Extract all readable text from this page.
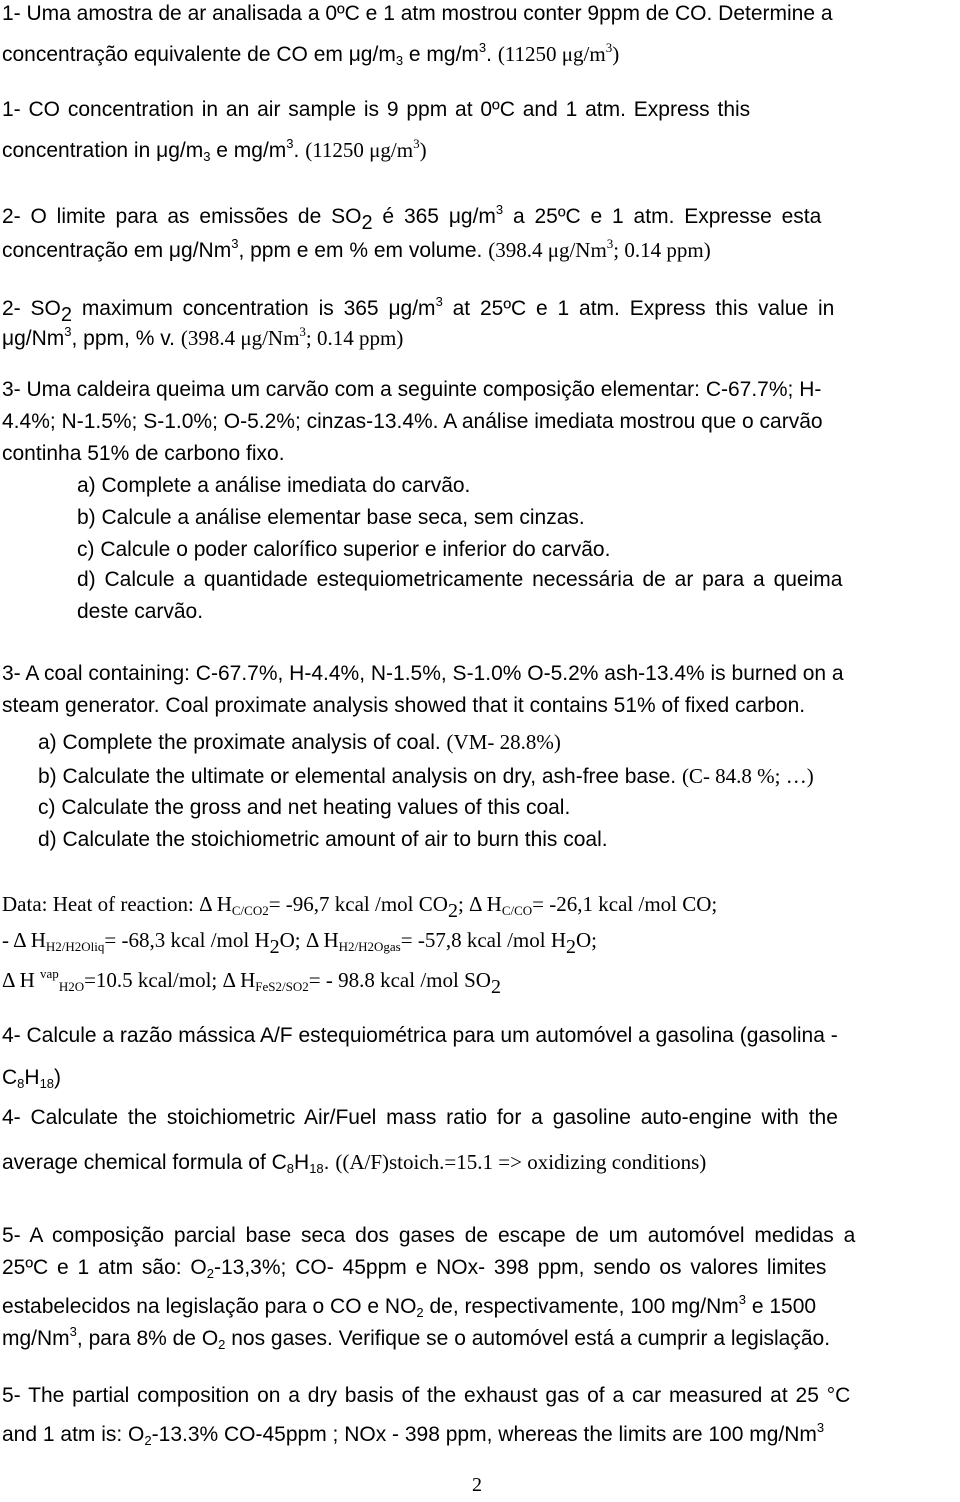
1- Uma amostra de ar analisada a 0ºC e 1 atm mostrou conter 9ppm de CO. Determine a
concentração equivalente de CO em $\mu g/m_3$ e $mg/m^3$. (11250 $\mu g/m^3$)
1- CO concentration in an air sample is 9 ppm at 0ºC and 1 atm. Express this
concentration in $\mu g/m_3$ e $mg/m^3$. (11250 $\mu g/m^3$)
2- O limite para as emissões de $SO_2$ é 365 $\mu g/m^3$ a 25ºC e 1 atm. Expresse esta
concentração em μg/Nm$^3$, ppm e em % em volume. (398.4 μg/Nm$^3$; 0.14 ppm)
2- $SO_2$ maximum concentration is 365 $\mu g/m^3$ at 25ºC e 1 atm. Express this value in
μg/Nm$^3$, ppm, % v. (398.4 μg/Nm$^3$; 0.14 ppm)
3- Uma caldeira queima um carvão com a seguinte composição elementar: C-67.7%; H-
4.4%; N-1.5%; S-1.0%; O-5.2%; cinzas-13.4%. A análise imediata mostrou que o carvão
continha 51% de carbono fixo.
a) Complete a análise imediata do carvão.
b) Calcule a análise elementar base seca, sem cinzas.
c) Calcule o poder calorífico superior e inferior do carvão.
d) Calcule a quantidade estequiometricamente necessária de ar para a queima
deste carvão.
3- A coal containing: C-67.7%, H-4.4%, N-1.5%, S-1.0% O-5.2% ash-13.4% is burned on a
steam generator. Coal proximate analysis showed that it contains 51% of fixed carbon.
a) Complete the proximate analysis of coal. (VM- 28.8%)
b) Calculate the ultimate or elemental analysis on dry, ash-free base. (C- 84.8 %; …)
c) Calculate the gross and net heating values of this coal.
d) Calculate the stoichiometric amount of air to burn this coal.
Data: Heat of reaction: Δ $H_{C/CO2}= -96,7$ kcal /mol $CO_2$; Δ $H_{C/CO}= -26,1$ kcal /mol CO;
- Δ $H_{H2/H2Oliq}= -68,3$ kcal /mol $H_2O$; Δ $H_{H2/H2Ogas}= -57,8$ kcal /mol $H_2O$;
Δ H $^{vap}_{H2O}$=10.5 kcal/mol; Δ $H_{FeS2/SO2}= - 98.8$ kcal /mol $SO_2$
4- Calcule a razão mássica A/F estequiométrica para um automóvel a gasolina (gasolina -
$C_8H_{18}$)
4- Calculate the stoichiometric Air/Fuel mass ratio for a gasoline auto-engine with the
average chemical formula of $C_8H_{18}$. ((A/F)stoich.=15.1 => oxidizing conditions)
5- A composição parcial base seca dos gases de escape de um automóvel medidas a
25ºC e 1 atm são: $O_2-13,3\%$; CO- 45ppm e NOx- 398 ppm, sendo os valores limites
estabelecidos na legislação para o CO e $NO_2$ de, respectivamente, 100 mg/Nm$^3$ e 1500
mg/Nm$^3$, para 8% de $O_2$ nos gases. Verifique se o automóvel está a cumprir a legislação.
5- The partial composition on a dry basis of the exhaust gas of a car measured at 25 °C
and 1 atm is: $O_2-13.3\%$ CO-45ppm ; NOx - 398 ppm, whereas the limits are 100 mg/Nm$^3$
2
